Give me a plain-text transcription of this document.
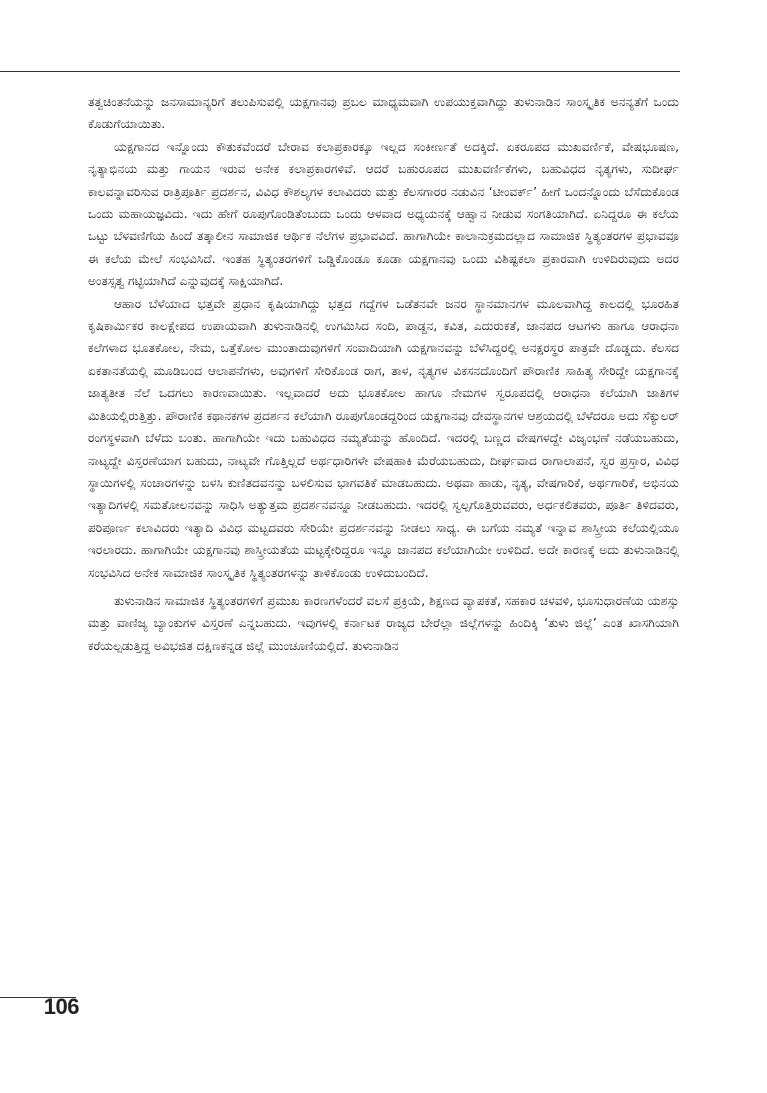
ತತ್ವಚಿಂತನೆಯನ್ನು ಜನಸಾಮಾನ್ಯರಿಗೆ ತಲುಪಿಸುವಲ್ಲಿ ಯಕ್ಷಗಾನವು ಪ್ರಬಲ ಮಾಧ್ಯಮವಾಗಿ ಉಪಯುಕ್ತವಾಗಿದ್ದು ತುಳುನಾಡಿನ ಸಾಂಸ್ಕೃತಿಕ ಅನನ್ಯತೆಗೆ ಒಂದು ಕೊಡುಗೆಯಾಯಿತು.

ಯಕ್ಷಗಾನದ ಇನ್ನೊಂದು ಕೌತುಕವೆಂದರೆ ಬೇರಾವ ಕಲಾಪ್ರಕಾರಕ್ಕೂ ಇಲ್ಲದ ಸಂಕೀರ್ಣತೆ ಅದಕ್ಕಿದೆ. ಏಕರೂಪದ ಮುಖವರ್ಣಿಕೆ, ವೇಷಭೂಷಣ, ನೃತ್ಯಾಭಿನಯ ಮತ್ತು ಗಾಯನ ಇರುವ ಅನೇಕ ಕಲಾಪ್ರಕಾರಗಳಿವೆ. ಆದರೆ ಬಹುರೂಪದ ಮುಖವರ್ಣಿಕೆಗಳು, ಬಹುವಿಧದ ನೃತ್ಯಗಳು, ಸುದೀರ್ಘ ಕಾಲವನ್ನಾವರಿಸುವ ರಾತ್ರಿಪೂರ್ತಿ ಪ್ರದರ್ಶನ, ವಿವಿಧ ಕೌಶಲ್ಯಗಳ ಕಲಾವಿದರು ಮತ್ತು ಕೆಲಸಗಾರರ ನಡುವಿನ ‘ಟೀಂವರ್ಕ್’ ಹೀಗೆ ಒಂದನ್ನೊಂದು ಬೆಸೆದುಕೊಂಡ ಒಂದು ಮಹಾಯಜ್ಞವಿದು. ಇದು ಹೇಗೆ ರೂಪುಗೊಂಡಿತೆಂಬುದು ಒಂದು ಆಳವಾದ ಅಧ್ಯಯನಕ್ಕೆ ಆಹ್ವಾನ ನೀಡುವ ಸಂಗತಿಯಾಗಿದೆ. ಏನಿದ್ದರೂ ಈ ಕಲೆಯ ಒಟ್ಟು ಬೆಳವಣಿಗೆಯ ಹಿಂದೆ ತತ್ಕಾಲೀನ ಸಾಮಾಜಿಕ ಆರ್ಥಿಕ ನೆಲೆಗಳ ಪ್ರಭಾವವಿದೆ. ಹಾಗಾಗಿಯೇ ಕಾಲಾನುಕ್ರಮದಲ್ಲಾದ ಸಾಮಾಜಿಕ ಸ್ಥಿತ್ಯಂತರಗಳ ಪ್ರಭಾವವೂ ಈ ಕಲೆಯ ಮೇಲೆ ಸಂಭವಿಸಿದೆ. ಇಂತಹ ಸ್ಥಿತ್ಯಂತರಗಳಿಗೆ ಒಡ್ಡಿಕೊಂಡೂ ಕೂಡಾ ಯಕ್ಷಗಾನವು ಒಂದು ವಿಶಿಷ್ಟಕಲಾ ಪ್ರಕಾರವಾಗಿ ಉಳಿದಿರುವುದು ಅದರ ಅಂತಸ್ಸತ್ವ ಗಟ್ಟಿಯಾಗಿದೆ ಎನ್ನುವುದಕ್ಕೆ ಸಾಕ್ಷಿಯಾಗಿದೆ.

ಆಹಾರ ಬೆಳೆಯಾದ ಭತ್ತವೇ ಪ್ರಧಾನ ಕೃಷಿಯಾಗಿದ್ದು ಭತ್ತದ ಗದ್ದೆಗಳ ಒಡೆತನವೇ ಜನರ ಸ್ಥಾನಮಾನಗಳ ಮೂಲವಾಗಿದ್ದ ಕಾಲದಲ್ಲಿ ಭೂರಹಿತ ಕೃಷಿಕಾರ್ಮಿಕರ ಕಾಲಕ್ಷೇಪದ ಉಪಾಯವಾಗಿ ತುಳುನಾಡಿನಲ್ಲಿ ಉಗಮಿಸಿದ ಸಂದಿ, ಪಾಡ್ದನ, ಕವಿತ, ಎದುರುಕತೆ, ಜಾನಪದ ಆಟಗಳು ಹಾಗೂ ಆರಾಧನಾ ಕಲೆಗಳಾದ ಭೂತಕೋಲ, ನೇಮ, ಒತ್ತೆಕೋಲ ಮುಂತಾದುವುಗಳಿಗೆ ಸಂವಾದಿಯಾಗಿ ಯಕ್ಷಗಾನವನ್ನು ಬೆಳೆಸಿದ್ದರಲ್ಲಿ ಅನಕ್ಷರಸ್ಥರ ಪಾತ್ರವೇ ದೊಡ್ಡದು. ಕೆಲಸದ ಏಕತಾನತೆಯಲ್ಲಿ ಮೂಡಿಬಂದ ಆಲಾಪನೆಗಳು, ಅವುಗಳಿಗೆ ಸೇರಿಕೊಂಡ ರಾಗ, ತಾಳ, ನೃತ್ಯಗಳ ವಿಕಸನದೊಂದಿಗೆ ಪೌರಾಣಿಕ ಸಾಹಿತ್ಯ ಸೇರಿದ್ದೇ ಯಕ್ಷಗಾನಕ್ಕೆ ಜಾತ್ಯತೀತ ನೆಲೆ ಒದಗಲು ಕಾರಣವಾಯಿತು. ಇಲ್ಲವಾದರೆ ಅದು ಭೂತಕೋಲ ಹಾಗೂ ನೇಮಗಳ ಸ್ವರೂಪದಲ್ಲಿ ಆರಾಧನಾ ಕಲೆಯಾಗಿ ಜಾತಿಗಳ ಮಿತಿಯಲ್ಲಿರುತ್ತಿತ್ತು. ಪೌರಾಣಿಕ ಕಥಾನಕಗಳ ಪ್ರದರ್ಶನ ಕಲೆಯಾಗಿ ರೂಪುಗೊಂಡದ್ದರಿಂದ ಯಕ್ಷಗಾನವು ದೇವಸ್ಥಾನಗಳ ಆಶ್ರಯದಲ್ಲಿ ಬೆಳೆದರೂ ಅದು ಸೆಕ್ಯುಲರ್ ರಂಗಸ್ಥಳವಾಗಿ ಬೆಳೆದು ಬಂತು. ಹಾಗಾಗಿಯೇ ಇದು ಬಹುವಿಧದ ನಮ್ಯತೆಯನ್ನು ಹೊಂದಿದೆ. ಇದರಲ್ಲಿ ಬಣ್ಣದ ವೇಷಗಳದ್ದೇ ವಿಜೃಂಭಣೆ ನಡೆಯಬಹುದು, ನಾಟ್ಯದ್ದೇ ವಿಸ್ತರಣೆಯಾಗ ಬಹುದು, ನಾಟ್ಯವೇ ಗೊತ್ತಿಲ್ಲದೆ ಅರ್ಥಧಾರಿಗಳೇ ವೇಷಹಾಕಿ ಮೆರೆಯಬಹುದು, ದೀರ್ಘವಾದ ರಾಗಾಲಾಪನೆ, ಸ್ವರ ಪ್ರಸ್ತಾರ, ವಿವಿಧ ಸ್ಥಾಯಿಗಳಲ್ಲಿ ಸಂಚಾರಗಳನ್ನು ಬಳಸಿ ಕುಣಿತದವನನ್ನು ಬಳಲಿಸುವ ಭಾಗವತಿಕೆ ಮಾಡಬಹುದು. ಅಥವಾ ಹಾಡು, ನೃತ್ಯ, ವೇಷಗಾರಿಕೆ, ಅರ್ಥಗಾರಿಕೆ, ಅಭಿನಯ ಇತ್ಯಾದಿಗಳಲ್ಲಿ ಸಮತೋಲನವನ್ನು ಸಾಧಿಸಿ ಅತ್ಯುತ್ತಮ ಪ್ರದರ್ಶನವನ್ನೂ ನೀಡಬಹುದು. ಇದರಲ್ಲಿ ಸ್ವಲ್ಪಗೊತ್ತಿರುವವರು, ಅರ್ಧಕಲಿತವರು, ಪೂರ್ತಿ ತಿಳಿದವರು, ಪರಿಪೂರ್ಣ ಕಲಾವಿದರು ಇತ್ಯಾದಿ ವಿವಿಧ ಮಟ್ಟದವರು ಸೇರಿಯೇ ಪ್ರದರ್ಶನವನ್ನು ನೀಡಲು ಸಾಧ್ಯ. ಈ ಬಗೆಯ ನಮ್ಯತೆ ಇನ್ನಾವ ಶಾಸ್ತ್ರೀಯ ಕಲೆಯಲ್ಲಿಯೂ ಇರಲಾರದು. ಹಾಗಾಗಿಯೇ ಯಕ್ಷಗಾನವು ಶಾಸ್ತ್ರೀಯತೆಯ ಮಟ್ಟಕ್ಕೇರಿದ್ದರೂ ಇನ್ನೂ ಜಾನಪದ ಕಲೆಯಾಗಿಯೇ ಉಳಿದಿದೆ. ಅದೇ ಕಾರಣಕ್ಕೆ ಅದು ತುಳುನಾಡಿನಲ್ಲಿ ಸಂಭವಿಸಿದ ಅನೇಕ ಸಾಮಾಜಿಕ ಸಾಂಸ್ಕೃತಿಕ ಸ್ಥಿತ್ಯಂತರಗಳನ್ನು ತಾಳಿಕೊಂಡು ಉಳಿದುಬಂದಿದೆ.

ತುಳುನಾಡಿನ ಸಾಮಾಜಿಕ ಸ್ಥಿತ್ಯಂತರಗಳಿಗೆ ಪ್ರಮುಖ ಕಾರಣಗಳೆಂದರೆ ವಲಸೆ ಪ್ರಕ್ರಿಯೆ, ಶಿಕ್ಷಣದ ವ್ಯಾಪಕತೆ, ಸಹಕಾರ ಚಳವಳಿ, ಭೂಸುಧಾರಣೆಯ ಯಶಸ್ಸು ಮತ್ತು ವಾಣಿಜ್ಯ ಬ್ಯಾಂಕುಗಳ ವಿಸ್ತರಣೆ ಎನ್ನಬಹುದು. ಇವುಗಳಲ್ಲಿ ಕರ್ನಾಟಕ ರಾಜ್ಯದ ಬೇರೆಲ್ಲಾ ಜಿಲ್ಲೆಗಳನ್ನು ಹಿಂದಿಕ್ಕಿ ‘ತುಳು ಜಿಲ್ಲೆ’ ಎಂತ ಖಾಸಗಿಯಾಗಿ ಕರೆಯಲ್ಪಡುತ್ತಿದ್ದ ಅವಿಭಜಿತ ದಕ್ಷಿಣಕನ್ನಡ ಜಿಲ್ಲೆ ಮುಂಚೂಣಿಯಲ್ಲಿದೆ. ತುಳುನಾಡಿನ

106
